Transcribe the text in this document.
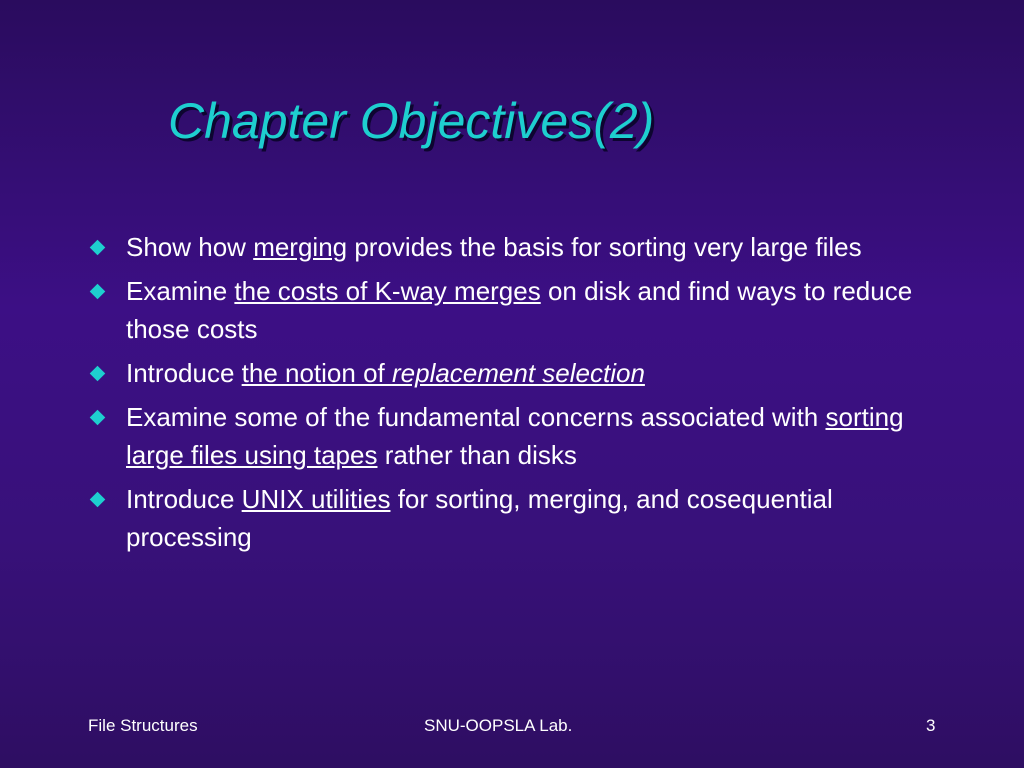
Chapter Objectives(2)
Show how merging provides the basis for sorting very large files
Examine the costs of K-way merges on disk and find ways to reduce those costs
Introduce the notion of replacement selection
Examine some of the fundamental concerns associated with sorting large files using tapes rather than disks
Introduce UNIX utilities for sorting, merging, and cosequential processing
File Structures	SNU-OOPSLA Lab.	3
